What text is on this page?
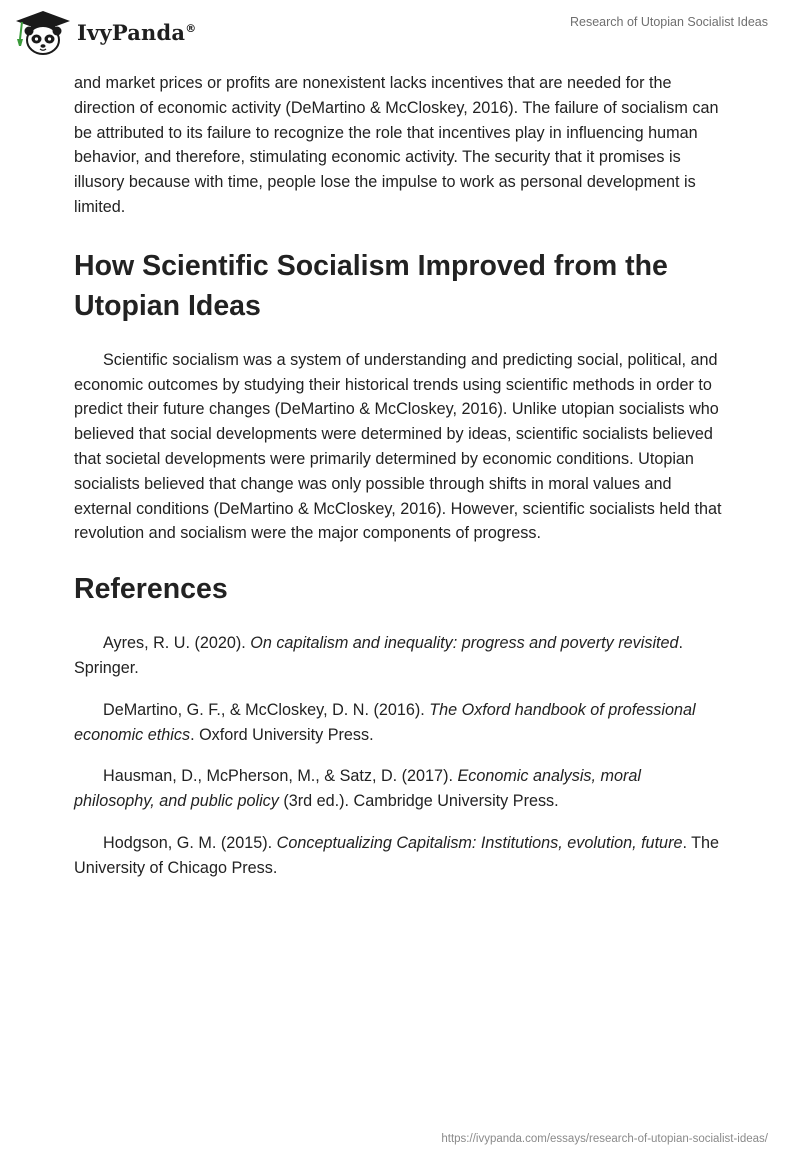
IvyPanda®	Research of Utopian Socialist Ideas

and market prices or profits are nonexistent lacks incentives that are needed for the direction of economic activity (DeMartino & McCloskey, 2016). The failure of socialism can be attributed to its failure to recognize the role that incentives play in influencing human behavior, and therefore, stimulating economic activity. The security that it promises is illusory because with time, people lose the impulse to work as personal development is limited.

How Scientific Socialism Improved from the Utopian Ideas

Scientific socialism was a system of understanding and predicting social, political, and economic outcomes by studying their historical trends using scientific methods in order to predict their future changes (DeMartino & McCloskey, 2016). Unlike utopian socialists who believed that social developments were determined by ideas, scientific socialists believed that societal developments were primarily determined by economic conditions. Utopian socialists believed that change was only possible through shifts in moral values and external conditions (DeMartino & McCloskey, 2016). However, scientific socialists held that revolution and socialism were the major components of progress.

References

Ayres, R. U. (2020). On capitalism and inequality: progress and poverty revisited. Springer.

DeMartino, G. F., & McCloskey, D. N. (2016). The Oxford handbook of professional economic ethics. Oxford University Press.

Hausman, D., McPherson, M., & Satz, D. (2017). Economic analysis, moral philosophy, and public policy (3rd ed.). Cambridge University Press.

Hodgson, G. M. (2015). Conceptualizing Capitalism: Institutions, evolution, future. The University of Chicago Press.

https://ivypanda.com/essays/research-of-utopian-socialist-ideas/
